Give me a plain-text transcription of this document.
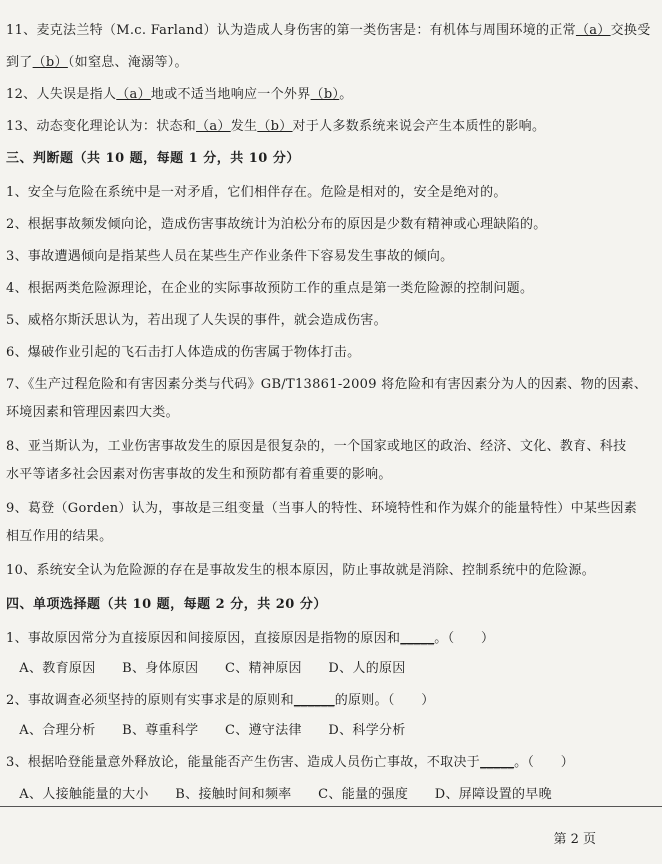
11、麦克法兰特（M.c. Farland）认为造成人身伤害的第一类伤害是：有机体与周围环境的正常（a）交换受
到了（b）（如窒息、淹溺等）。
12、人失误是指人（a）地或不适当地响应一个外界（b）。
13、动态变化理论认为：状态和（a）发生（b）对于人多数系统来说会产生本质性的影响。
三、判断题（共 10 题，每题 1 分，共 10 分）
1、安全与危险在系统中是一对矛盾，它们相伴存在。危险是相对的，安全是绝对的。
2、根据事故频发倾向论，造成伤害事故统计为泊松分布的原因是少数有精神或心理缺陷的。
3、事故遭遇倾向是指某些人员在某些生产作业条件下容易发生事故的倾向。
4、根据两类危险源理论，在企业的实际事故预防工作的重点是第一类危险源的控制问题。
5、威格尔斯沃思认为，若出现了人失误的事件，就会造成伤害。
6、爆破作业引起的飞石击打人体造成的伤害属于物体打击。
7、《生产过程危险和有害因素分类与代码》GB/T13861-2009 将危险和有害因素分为人的因素、物的因素、
环境因素和管理因素四大类。
8、亚当斯认为，工业伤害事故发生的原因是很复杂的，一个国家或地区的政治、经济、文化、教育、科技
水平等诸多社会因素对伤害事故的发生和预防都有着重要的影响。
9、葛登（Gorden）认为，事故是三组变量（当事人的特性、环境特性和作为媒介的能量特性）中某些因素
相互作用的结果。
10、系统安全认为危险源的存在是事故发生的根本原因，防止事故就是消除、控制系统中的危险源。
四、单项选择题（共 10 题，每题 2 分，共 20 分）
1、事故原因常分为直接原因和间接原因，直接原因是指物的原因和_____。（　　）
　A、教育原因　　B、身体原因　　C、精神原因　　D、人的原因
2、事故调查必须坚持的原则有实事求是的原则和______的原则。（　　）
　A、合理分析　　B、尊重科学　　C、遵守法律　　D、科学分析
3、根据哈登能量意外释放论，能量能否产生伤害、造成人员伤亡事故，不取决于_____。（　　）
　A、人接触能量的大小　　B、接触时间和频率　　C、能量的强度　　D、屏障设置的早晚
第 2 页
